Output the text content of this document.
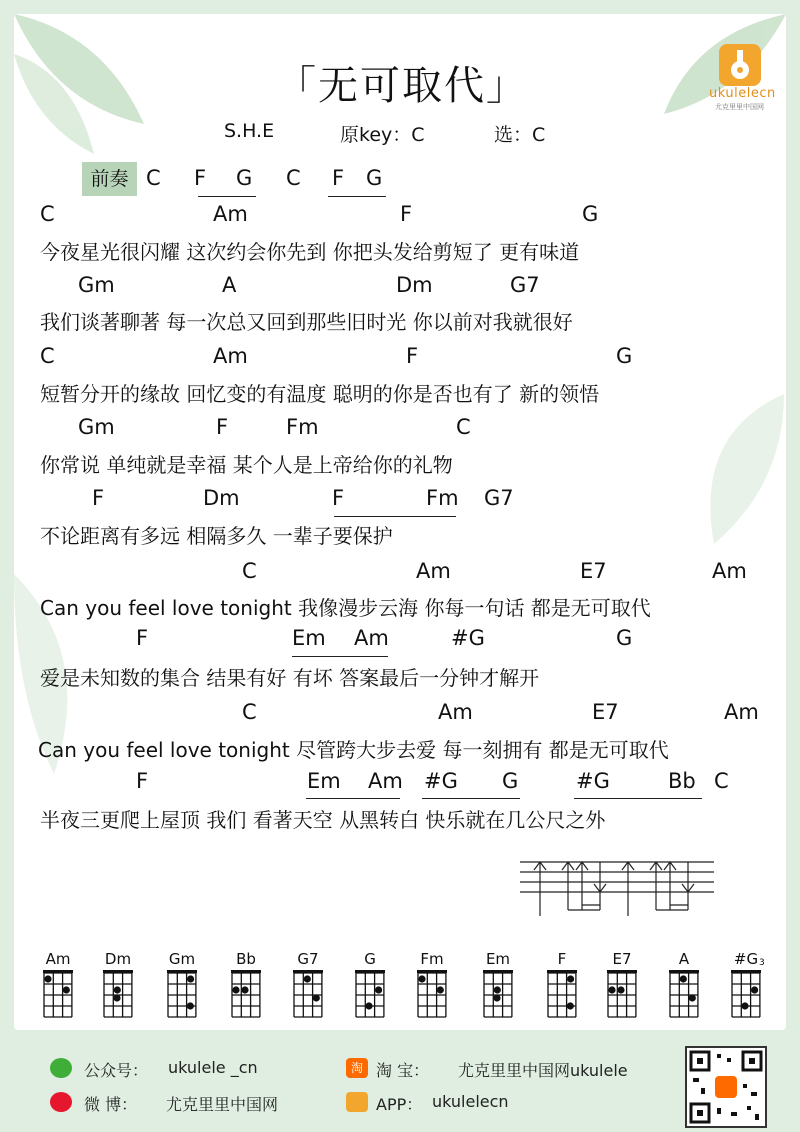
ukulelecn
尤克里里中国网
「无可取代」
S.H.E	原key：C	选：C
前奏 C F G C F G
C	Am	F	G
今夜星光很闪耀 这次约会你先到 你把头发给剪短了 更有味道
Gm	A	Dm	G7
我们谈著聊著 每一次总又回到那些旧时光 你以前对我就很好
C	Am	F	G
短暂分开的缘故 回忆变的有温度 聪明的你是否也有了 新的领悟
Gm	F	Fm	C
你常说 单纯就是幸福 某个人是上帝给你的礼物
F	Dm	F	Fm G7
不论距离有多远 相隔多久 一辈子要保护
C	Am	E7	Am
Can you feel love tonight 我像漫步云海 你每一句话 都是无可取代
F	Em Am	#G	G
爱是未知数的集合 结果有好 有坏 答案最后一分钟才解开
C	Am	E7	Am
Can you feel love tonight 尽管跨大步去爱 每一刻拥有 都是无可取代
F	Em Am #G G	#G	Bb C
半夜三更爬上屋顶 我们 看著天空 从黑转白 快乐就在几公尺之外
Am	Dm	Gm	Bb	G7	G	Fm	Em	F	E7	A	#G 3
公众号： ukulele _cn	淘 淘 宝： 尤克里里中国网ukulele
微 博： 尤克里里中国网	APP： ukulelecn
